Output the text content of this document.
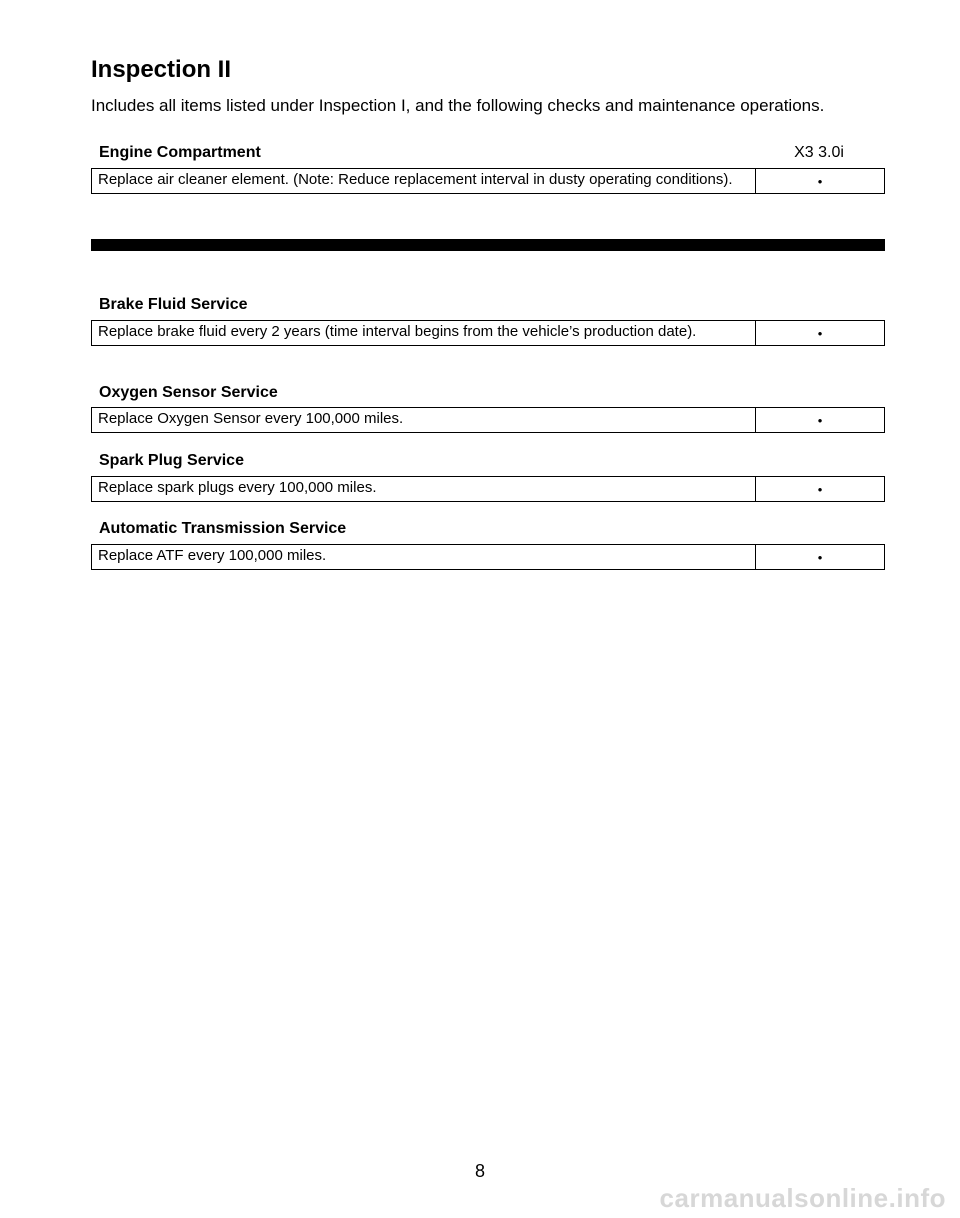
Inspection II

Includes all items listed under Inspection I, and the following checks and maintenance operations.

Engine Compartment	X3 3.0i
Replace air cleaner element. (Note: Reduce replacement interval in dusty operating conditions).	•
Brake Fluid Service
Replace brake fluid every 2 years (time interval begins from the vehicle’s production date).	•
Oxygen Sensor Service
Replace Oxygen Sensor every 100,000 miles.	•
Spark Plug Service
Replace spark plugs every 100,000 miles.	•
Automatic Transmission Service
Replace ATF every 100,000 miles.	•
8
carmanualsonline.info
